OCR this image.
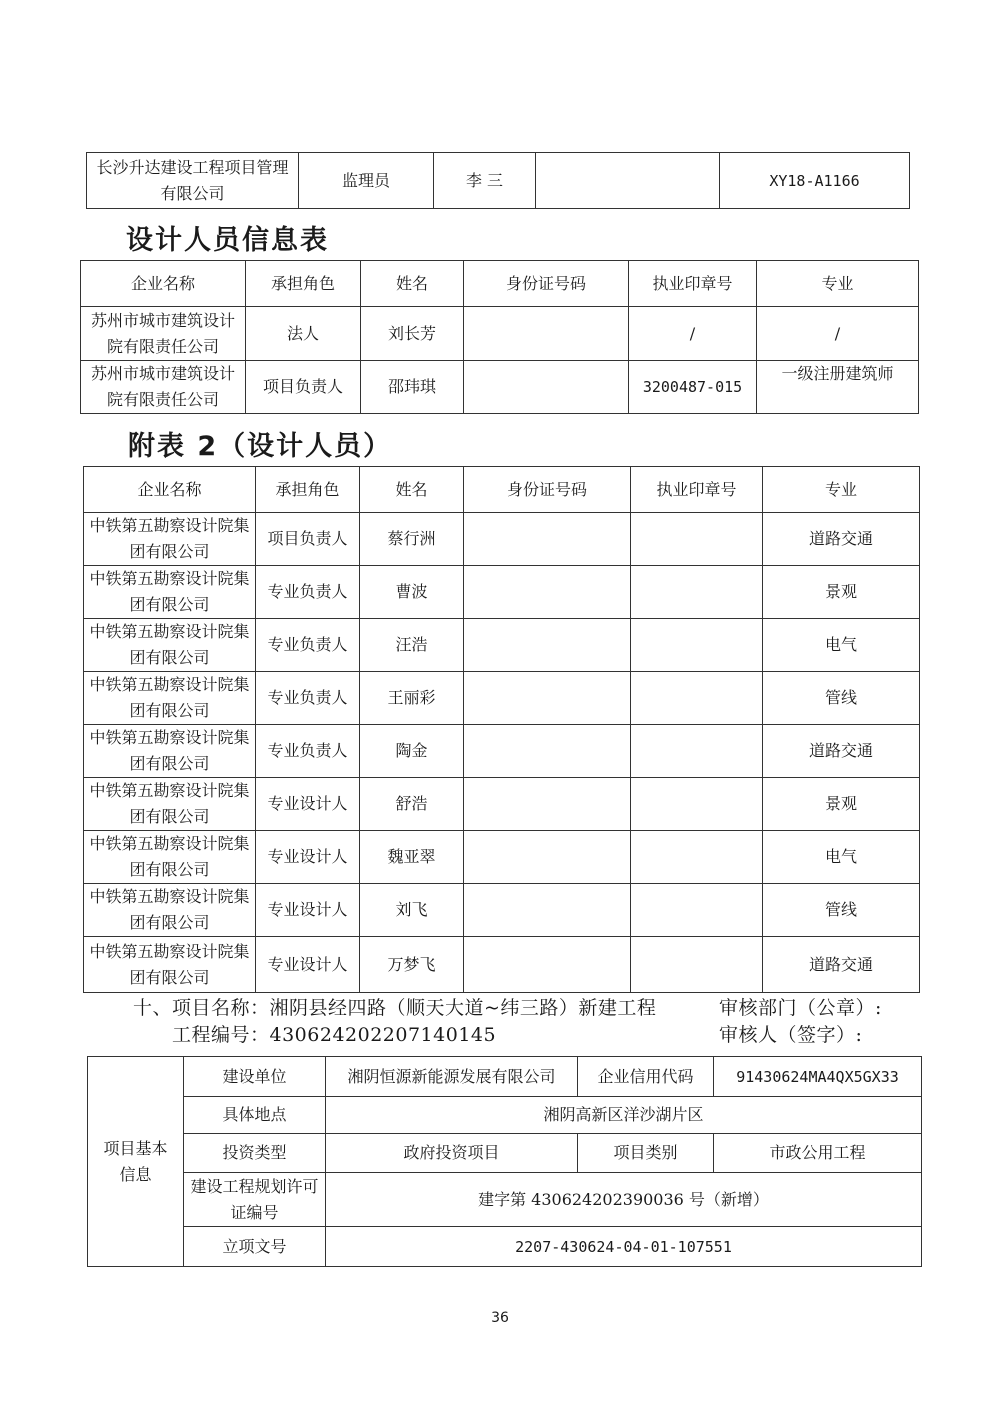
长沙升达建设工程项目管理有限公司	监理员	李 三		XY18-A1166
设计人员信息表
企业名称	承担角色	姓名	身份证号码	执业印章号	专业
苏州市城市建筑设计院有限责任公司	法人	刘长芳		/	/
苏州市城市建筑设计院有限责任公司	项目负责人	邵玮琪		3200487-015	一级注册建筑师
附表 2（设计人员）
企业名称	承担角色	姓名	身份证号码	执业印章号	专业
中铁第五勘察设计院集团有限公司	项目负责人	蔡行洲			道路交通
中铁第五勘察设计院集团有限公司	专业负责人	曹波			景观
中铁第五勘察设计院集团有限公司	专业负责人	汪浩			电气
中铁第五勘察设计院集团有限公司	专业负责人	王丽彩			管线
中铁第五勘察设计院集团有限公司	专业负责人	陶金			道路交通
中铁第五勘察设计院集团有限公司	专业设计人	舒浩			景观
中铁第五勘察设计院集团有限公司	专业设计人	魏亚翠			电气
中铁第五勘察设计院集团有限公司	专业设计人	刘飞			管线
中铁第五勘察设计院集团有限公司	专业设计人	万梦飞			道路交通
十、项目名称：湘阴县经四路（顺天大道~纬三路）新建工程
工程编号：430624202207140145
审核部门（公章）:
审核人（签字）:
项目基本信息	建设单位	湘阴恒源新能源发展有限公司	企业信用代码	91430624MA4QX5GX33
	具体地点	湘阴高新区洋沙湖片区		
	投资类型	政府投资项目	项目类别	市政公用工程
	建设工程规划许可证编号	建字第 430624202390036 号（新增）		
	立项文号	2207-430624-04-01-107551		
36
